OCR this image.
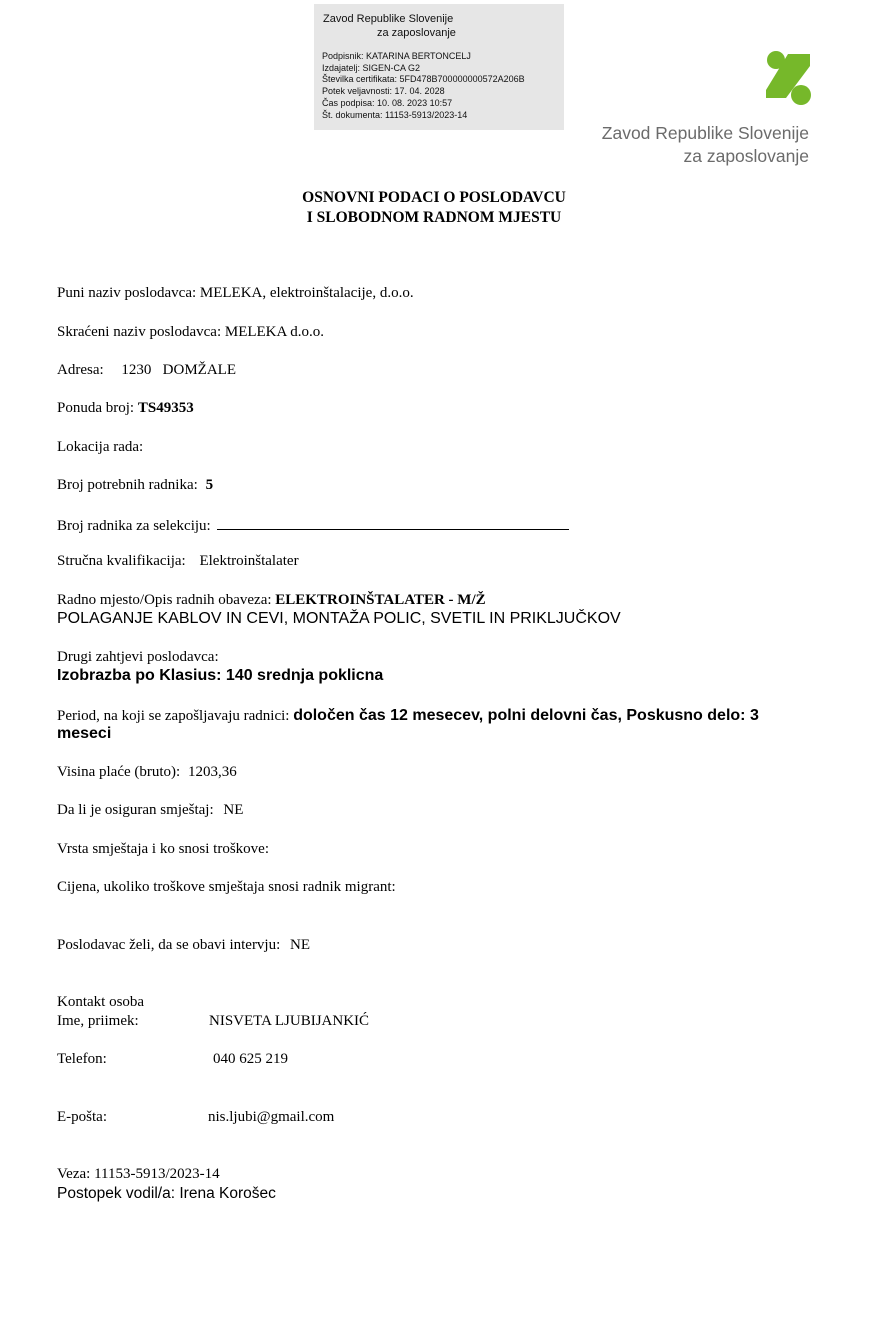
Zavod Republike Slovenije
za zaposlovanje
Podpisnik: KATARINA BERTONCELJ
Izdajatelj: SIGEN-CA G2
Številka certifikata: 5FD478B700000000572A206B
Potek veljavnosti: 17. 04. 2028
Čas podpisa: 10. 08. 2023 10:57
Št. dokumenta: 11153-5913/2023-14
Zavod Republike Slovenije
za zaposlovanje
OSNOVNI PODACI O POSLODAVCU
I SLOBODNOM RADNOM MJESTU
Puni naziv poslodavca: MELEKA, elektroinštalacije, d.o.o.
Skraćeni naziv poslodavca: MELEKA d.o.o.
Adresa: 1230   DOMŽALE
Ponuda broj: TS49353
Lokacija rada:
Broj potrebnih radnika: 5
Broj radnika za selekciju:
Stručna kvalifikacija: Elektroinštalater
Radno mjesto/Opis radnih obaveza: ELEKTROINŠTALATER - M/Ž
POLAGANJE KABLOV IN CEVI, MONTAŽA POLIC, SVETIL IN PRIKLJUČKOV
Drugi zahtjevi poslodavca:
Izobrazba po Klasius: 140 srednja poklicna
Period, na koji se zapošljavaju radnici: določen čas 12 mesecev, polni delovni čas, Poskusno delo: 3
meseci
Visina plaće (bruto): 1203,36
Da li je osiguran smještaj: NE
Vrsta smještaja i ko snosi troškove:
Cijena, ukoliko troškove smještaja snosi radnik migrant:
Poslodavac želi, da se obavi intervju: NE
Kontakt osoba
Ime, priimek:	NISVETA LJUBIJANKIĆ
Telefon:	040 625 219
E-pošta:	nis.ljubi@gmail.com
Veza: 11153-5913/2023-14
Postopek vodil/a: Irena Korošec
